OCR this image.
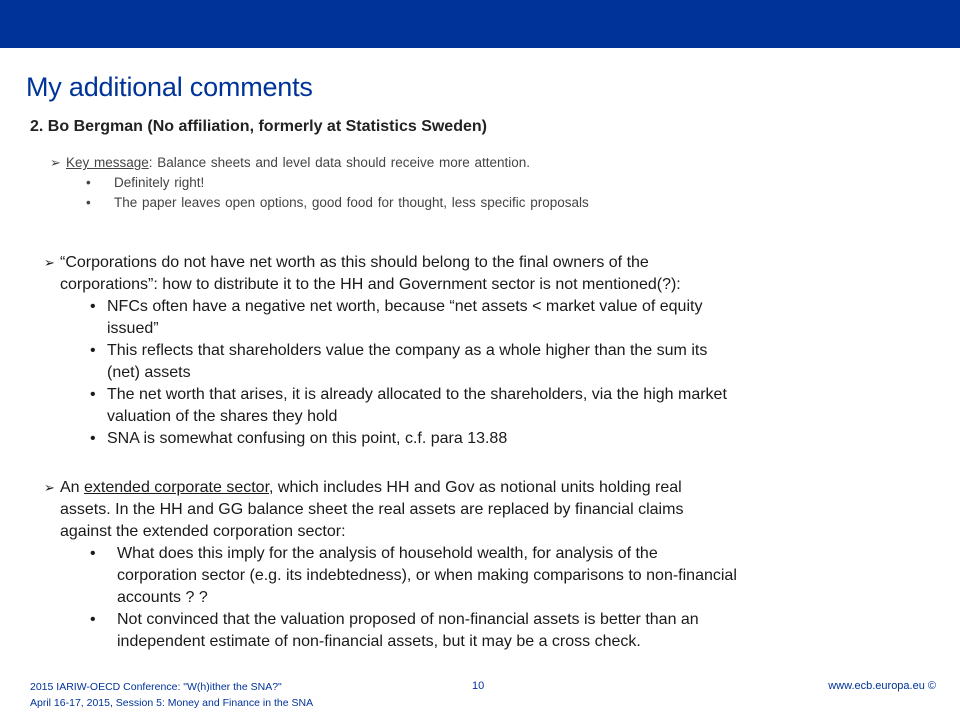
My additional comments
2. Bo Bergman (No affiliation, formerly at Statistics Sweden)
➢ Key message: Balance sheets and level data should receive more attention.
• Definitely right!
• The paper leaves open options, good food for thought, less specific proposals
➢ “Corporations do not have net worth as this should belong to the final owners of the
corporations”: how to distribute it to the HH and Government sector is not mentioned(?):
• NFCs often have a negative net worth, because “net assets < market value of equity
issued”
• This reflects that shareholders value the company as a whole higher than the sum its
(net) assets
• The net worth that arises, it is already allocated to the shareholders, via the high market
valuation of the shares they hold
• SNA is somewhat confusing on this point, c.f. para 13.88
➢ An extended corporate sector, which includes HH and Gov as notional units holding real
assets. In the HH and GG balance sheet the real assets are replaced by financial claims
against the extended corporation sector:
• What does this imply for the analysis of household wealth, for analysis of the
corporation sector (e.g. its indebtedness), or when making comparisons to non-financial
accounts ? ?
• Not convinced that the valuation proposed of non-financial assets is better than an
independent estimate of non-financial assets, but it may be a cross check.
2015 IARIW-OECD Conference: "W(h)ither the SNA?"
April 16-17, 2015, Session 5: Money and Finance in the SNA
10	www.ecb.europa.eu ©
